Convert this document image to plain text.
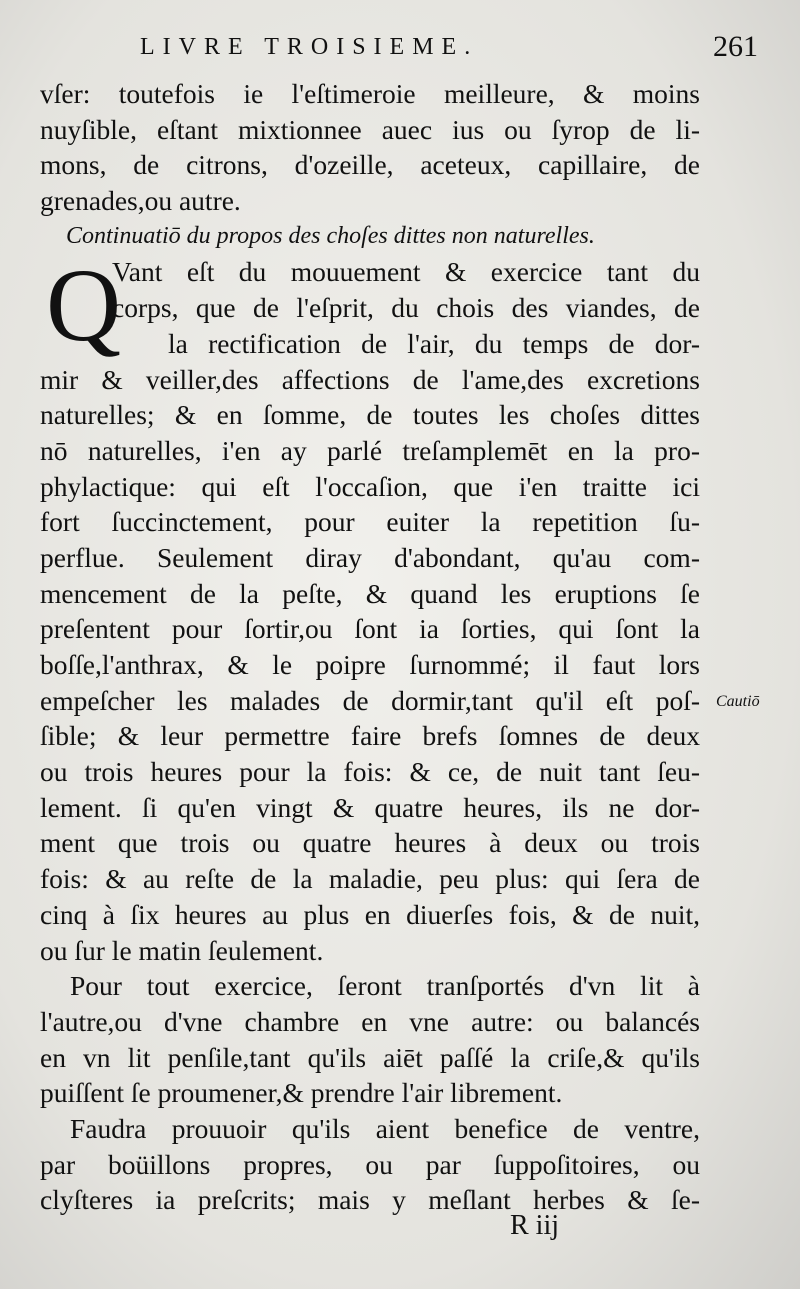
LIVRE TROISIEME.	261
vſer: toutefois ie l'eſtimeroie meilleure, & moins
nuyſible, eſtant mixtionnee auec ius ou ſyrop de li-
mons, de citrons, d'ozeille, aceteux, capillaire, de
grenades,ou autre.
Continuatiō du propos des choſes dittes non naturelles.
Q
Vant eſt du mouuement & exercice tant du
corps, que de l'eſprit, du chois des viandes, de
la rectification de l'air, du temps de dor-
mir & veiller,des affections de l'ame,des excretions
naturelles; & en ſomme, de toutes les choſes dittes
nō naturelles, i'en ay parlé treſamplemēt en la pro-
phylactique: qui eſt l'occaſion, que i'en traitte ici
fort ſuccinctement, pour euiter la repetition ſu-
perflue. Seulement diray d'abondant, qu'au com-
mencement de la peſte, & quand les eruptions ſe
preſentent pour ſortir,ou ſont ia ſorties, qui ſont la
boſſe,l'anthrax, & le poipre ſurnommé; il faut lors
empeſcher les malades de dormir,tant qu'il eſt poſ-
ſible; & leur permettre faire brefs ſomnes de deux
ou trois heures pour la fois: & ce, de nuit tant ſeu-
lement. ſi qu'en vingt & quatre heures, ils ne dor-
ment que trois ou quatre heures à deux ou trois
fois: & au reſte de la maladie, peu plus: qui ſera de
cinq à ſix heures au plus en diuerſes fois, & de nuit,
ou ſur le matin ſeulement.
Pour tout exercice, ſeront tranſportés d'vn lit à
l'autre,ou d'vne chambre en vne autre: ou balancés
en vn lit penſile,tant qu'ils aiēt paſſé la criſe,& qu'ils
puiſſent ſe proumener,& prendre l'air librement.
Faudra prouuoir qu'ils aient benefice de ventre,
par boüillons propres, ou par ſuppoſitoires, ou
clyſteres ia preſcrits; mais y meſlant herbes & ſe-
Cautiō
R iij
